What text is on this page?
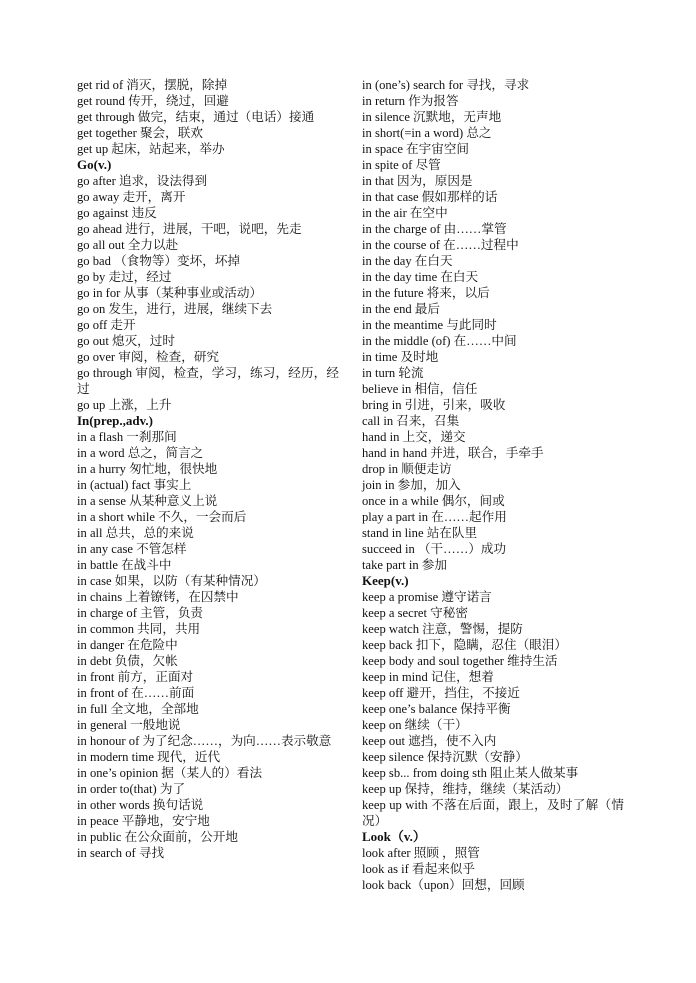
get rid of 消灭，摆脱，除掉
get round 传开，绕过，回避
get through 做完，结束，通过（电话）接通
get together 聚会，联欢
get up 起床，站起来，举办
Go(v.)
go after 追求，设法得到
go away 走开，离开
go against 违反
go ahead 进行，进展，干吧，说吧，先走
go all out 全力以赴
go bad （食物等）变坏，坏掉
go by 走过，经过
go in for 从事（某种事业或活动）
go on 发生，进行，进展，继续下去
go off 走开
go out 熄灭，过时
go over 审阅，检查，研究
go through 审阅，检查，学习，练习，经历，经过
go up 上涨，上升
In(prep.,adv.)
in a flash 一刹那间
in a word 总之，简言之
in a hurry 匆忙地，很快地
in (actual) fact 事实上
in a sense 从某种意义上说
in a short while 不久，一会而后
in all 总共，总的来说
in any case 不管怎样
in battle 在战斗中
in case 如果，以防（有某种情况）
in chains 上着镣铐，在囚禁中
in charge of 主管，负责
in common 共同，共用
in danger 在危险中
in debt 负债，欠帐
in front 前方，正面对
in front of 在……前面
in full 全文地，全部地
in general 一般地说
in honour of 为了纪念……，为向……表示敬意
in modern time 现代，近代
in one’s opinion 据（某人的）看法
in order to(that) 为了
in other words 换句话说
in peace 平静地，安宁地
in public 在公众面前，公开地
in search of 寻找
in (one’s) search for 寻找，寻求
in return 作为报答
in silence 沉默地，无声地
in short(=in a word) 总之
in space 在宇宙空间
in spite of 尽管
in that 因为，原因是
in that case 假如那样的话
in the air 在空中
in the charge of 由……掌管
in the course of 在……过程中
in the day 在白天
in the day time 在白天
in the future 将来，以后
in the end 最后
in the meantime 与此同时
in the middle (of) 在……中间
in time 及时地
in turn 轮流
believe in 相信，信任
bring in 引进，引来，吸收
call in 召来，召集
hand in 上交，递交
hand in hand 并进，联合，手牵手
drop in 顺便走访
join in 参加，加入
once in a while 偶尔，间或
play a part in 在……起作用
stand in line 站在队里
succeed in （干……）成功
take part in 参加
Keep(v.)
keep a promise 遵守诺言
keep a secret 守秘密
keep watch 注意，警惕，提防
keep back 扣下，隐瞒，忍住（眼泪）
keep body and soul together 维持生活
keep in mind 记住，想着
keep off 避开，挡住，不接近
keep one’s balance 保持平衡
keep on 继续（干）
keep out 遮挡，使不入内
keep silence 保持沉默（安静）
keep sb... from doing sth 阻止某人做某事
keep up 保持，维持，继续（某活动）
keep up with 不落在后面，跟上，及时了解（情况）
Look（v.）
look after 照顾 ，照管
look as if 看起来似乎
look back（upon）回想，回顾
